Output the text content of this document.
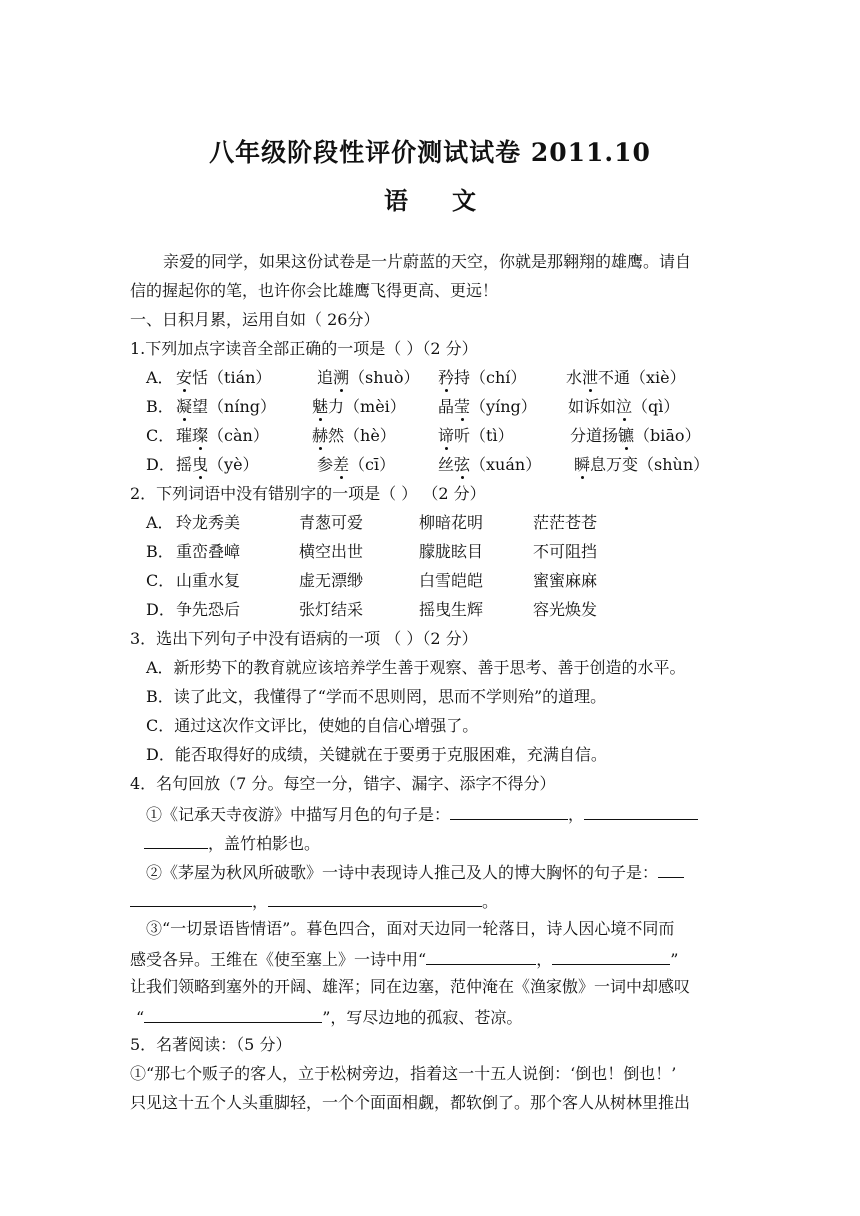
八年级阶段性评价测试试卷 2011.10
语文

亲爱的同学，如果这份试卷是一片蔚蓝的天空，你就是那翱翔的雄鹰。请自

信的握起你的笔，也许你会比雄鹰飞得更高、更远！

一、日积月累，运用自如（ 26分）

1.下列加点字读音全部正确的一项是（ ）（2 分）

A． 安恬（tián）	追溯（shuò） 矜持（chí） 水泄不通（xiè）
B． 凝望（níng） 魅力（mèi） 晶莹（yíng） 如诉如泣（qì）
C． 璀璨（càn）	赫然（hè）	谛听（tì）	分道扬镳（biāo）
D． 摇曳（yè）	参差（cī）	丝弦（xuán） 瞬息万变（shùn）

2．下列词语中没有错别字的一项是（ ） （2 分）

A． 玲龙秀美	青葱可爱	柳暗花明	茫茫苍苍
B． 重峦叠嶂	横空出世	朦胧眩目	不可阻挡
C． 山重水复	虚无漂缈	白雪皑皑	蜜蜜麻麻
D． 争先恐后	张灯结采	摇曳生辉	容光焕发

3．选出下列句子中没有语病的一项 （ ）（2 分）

A．新形势下的教育就应该培养学生善于观察、善于思考、善于创造的水平。

B．读了此文，我懂得了“学而不思则罔，思而不学则殆”的道理。

C．通过这次作文评比，使她的自信心增强了。

D．能否取得好的成绩，关键就在于要勇于克服困难，充满自信。

4．名句回放（7 分。每空一分，错字、漏字、添字不得分）

①《记承天寺夜游》中描写月色的句子是：	，
，盖竹柏影也。
②《茅屋为秋风所破歌》一诗中表现诗人推己及人的博大胸怀的句子是：
，	。

③“一切景语皆情语”。暮色四合，面对天边同一轮落日，诗人因心境不同而

感受各异。王维在《使至塞上》一诗中用“	，	”

让我们领略到塞外的开阔、雄浑；同在边塞，范仲淹在《渔家傲》一词中却感叹

“	”，写尽边地的孤寂、苍凉。

5．名著阅读：（5 分）

①“那七个贩子的客人，立于松树旁边，指着这一十五人说倒：‘倒也！倒也！’

只见这十五个人头重脚轻，一个个面面相觑，都软倒了。那个客人从树林里推出
